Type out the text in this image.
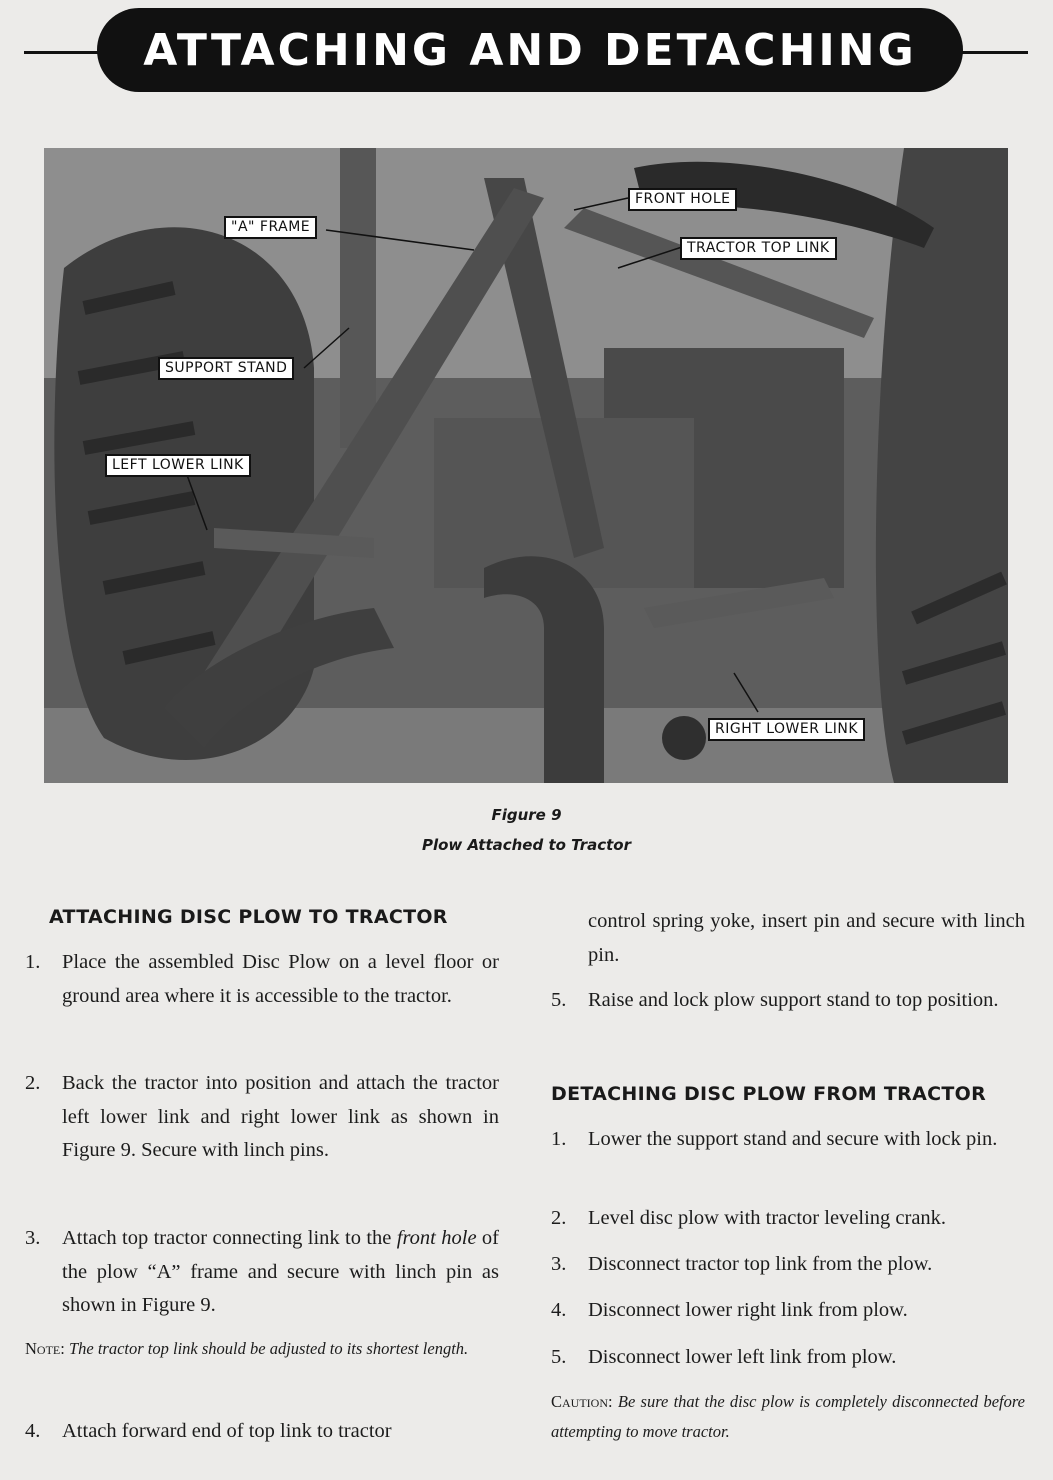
ATTACHING AND DETACHING
FRONT HOLE
"A" FRAME
TRACTOR TOP LINK
SUPPORT STAND
LEFT LOWER LINK
RIGHT LOWER LINK
Figure 9
Plow Attached to Tractor
ATTACHING DISC PLOW TO TRACTOR
1. Place the assembled Disc Plow on a level floor or ground area where it is accessible to the tractor.
2. Back the tractor into position and attach the tractor left lower link and right lower link as shown in Figure 9. Secure with linch pins.
3. Attach top tractor connecting link to the front hole of the plow “A” frame and secure with linch pin as shown in Figure 9.
Note: The tractor top link should be adjusted to its shortest length.
4. Attach forward end of top link to tractor
control spring yoke, insert pin and secure with linch pin.
5. Raise and lock plow support stand to top position.
DETACHING DISC PLOW FROM TRACTOR
1. Lower the support stand and secure with lock pin.
2. Level disc plow with tractor leveling crank.
3. Disconnect tractor top link from the plow.
4. Disconnect lower right link from plow.
5. Disconnect lower left link from plow.
Caution: Be sure that the disc plow is completely disconnected before attempting to move tractor.
